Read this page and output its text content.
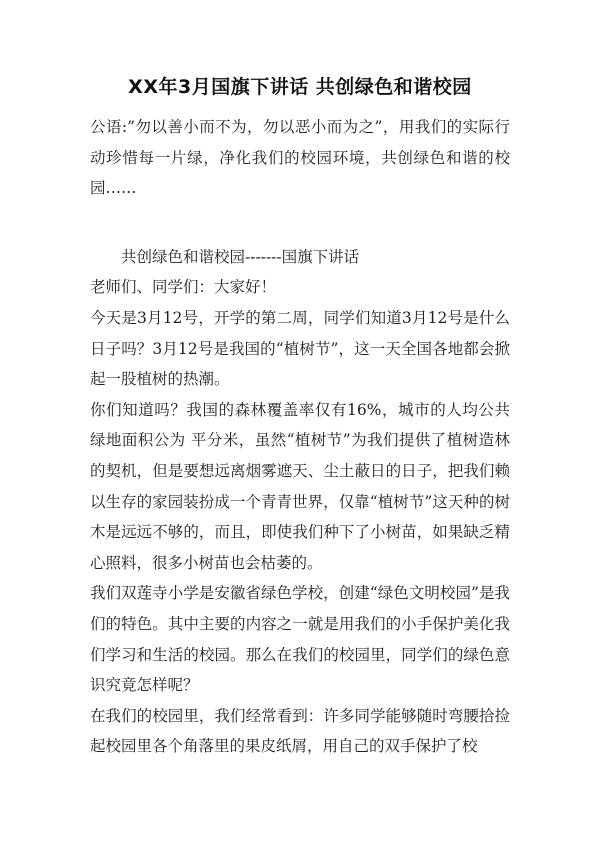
XX年3月国旗下讲话 共创绿色和谐校园

公语:”勿以善小而不为，勿以恶小而为之”，用我们的实际行动珍惜每一片绿，净化我们的校园环境，共创绿色和谐的校园……

共创绿色和谐校园-------国旗下讲话

老师们、同学们：大家好！

今天是3月12号，开学的第二周，同学们知道3月12号是什么日子吗？3月12号是我国的“植树节”，这一天全国各地都会掀起一股植树的热潮。

你们知道吗？我国的森林覆盖率仅有16%，城市的人均公共绿地面积公为 平分米，虽然“植树节”为我们提供了植树造林的契机，但是要想远离烟雾遮天、尘土蔽日的日子，把我们赖以生存的家园装扮成一个青青世界，仅靠“植树节”这天种的树木是远远不够的，而且，即使我们种下了小树苗，如果缺乏精心照料，很多小树苗也会枯萎的。

我们双莲寺小学是安徽省绿色学校，创建“绿色文明校园”是我们的特色。其中主要的内容之一就是用我们的小手保护美化我们学习和生活的校园。那么在我们的校园里，同学们的绿色意识究竟怎样呢？

在我们的校园里，我们经常看到：许多同学能够随时弯腰拾捡起校园里各个角落里的果皮纸屑，用自己的双手保护了校
